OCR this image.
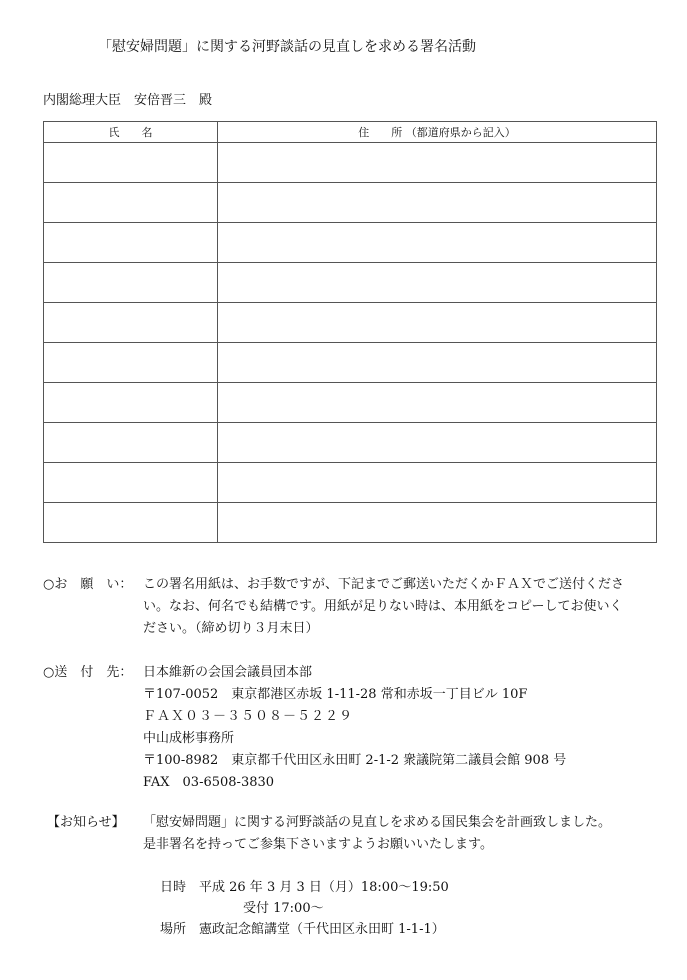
「慰安婦問題」に関する河野談話の見直しを求める署名活動
内閣総理大臣　安倍晋三　殿
氏　　名	住　　所 （都道府県から記入）

○お　願　い： この署名用紙は、お手数ですが、下記までご郵送いただくかＦＡＸでご送付くださ
い。なお、何名でも結構です。用紙が足りない時は、本用紙をコピーしてお使いく
ださい。（締め切り３月末日）
○送　付　先： 日本維新の会国会議員団本部
〒107-0052　東京都港区赤坂 1-11-28 常和赤坂一丁目ビル 10F
ＦＡＸ０３－３５０８－５２２９
中山成彬事務所
〒100-8982　東京都千代田区永田町 2-1-2 衆議院第二議員会館 908 号
FAX　03-6508-3830
【お知らせ】 「慰安婦問題」に関する河野談話の見直しを求める国民集会を計画致しました。
是非署名を持ってご参集下さいますようお願いいたします。
日時　平成 26 年 3 月 3 日（月）18:00～19:50
受付 17:00～
場所　憲政記念館講堂（千代田区永田町 1-1-1）
